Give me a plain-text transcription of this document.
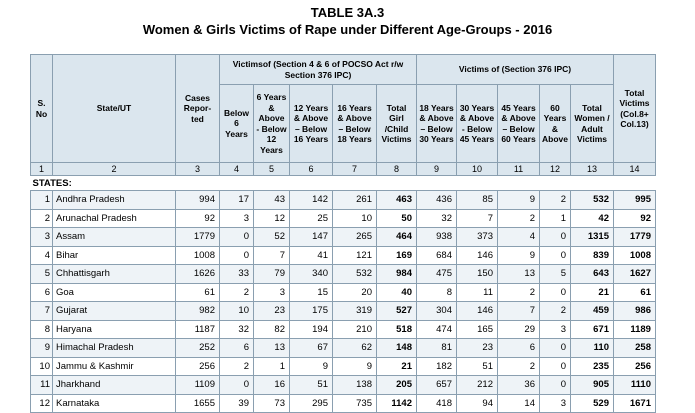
TABLE 3A.3
Women & Girls Victims of Rape under Different Age-Groups - 2016
S. No	State/UT	Cases Repor- ted	Victimsof (Section 4 & 6 of POCSO Act r/w Section 376 IPC)					Victims of (Section 376 IPC)					Total Victims (Col.8+ Col.13)
			Below 6 Years	6 Years & Above - Below 12 Years	12 Years & Above – Below 16 Years	16 Years & Above – Below 18 Years	Total Girl /Child Victims	18 Years & Above – Below 30 Years	30 Years & Above - Below 45 Years	45 Years & Above – Below 60 Years	60 Years & Above	Total Women / Adult Victims	
1	2	3	4	5	6	7	8	9	10	11	12	13	14
STATES:													
1	Andhra Pradesh	994	17	43	142	261	463	436	85	9	2	532	995
2	Arunachal Pradesh	92	3	12	25	10	50	32	7	2	1	42	92
3	Assam	1779	0	52	147	265	464	938	373	4	0	1315	1779
4	Bihar	1008	0	7	41	121	169	684	146	9	0	839	1008
5	Chhattisgarh	1626	33	79	340	532	984	475	150	13	5	643	1627
6	Goa	61	2	3	15	20	40	8	11	2	0	21	61
7	Gujarat	982	10	23	175	319	527	304	146	7	2	459	986
8	Haryana	1187	32	82	194	210	518	474	165	29	3	671	1189
9	Himachal Pradesh	252	6	13	67	62	148	81	23	6	0	110	258
10	Jammu & Kashmir	256	2	1	9	9	21	182	51	2	0	235	256
11	Jharkhand	1109	0	16	51	138	205	657	212	36	0	905	1110
12	Karnataka	1655	39	73	295	735	1142	418	94	14	3	529	1671
